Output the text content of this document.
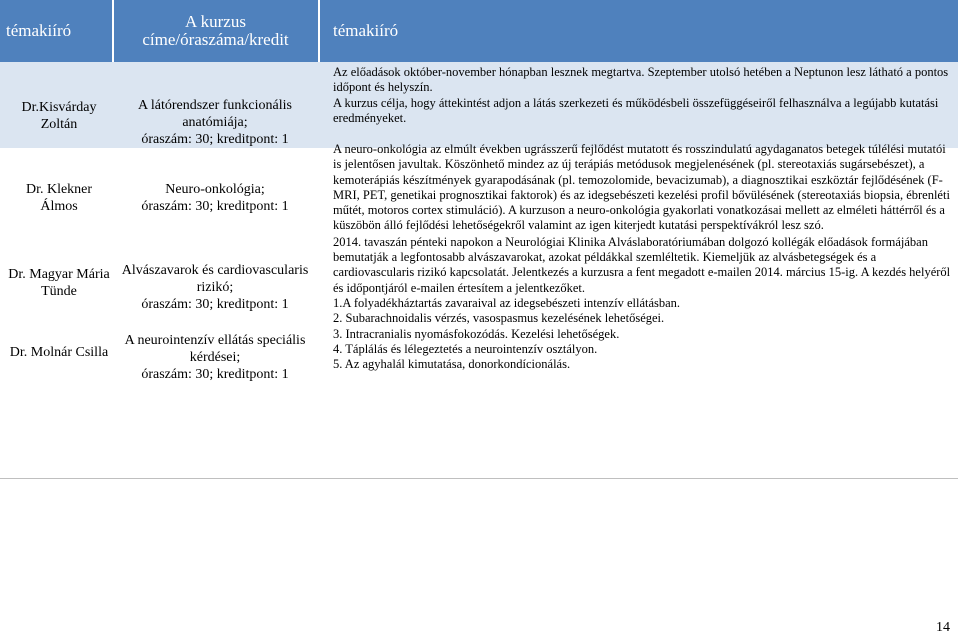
témakiíró	A kurzus
címe/óraszáma/kredit	témakiíró
Dr.Kisvárday Zoltán
A látórendszer funkcionális
anatómiája;
óraszám: 30; kreditpont: 1

Az előadások október-november hónapban lesznek megtartva. Szeptember utolsó hetében a Neptunon lesz látható a pontos időpont és helyszín.

A kurzus célja, hogy áttekintést adjon a látás szerkezeti és működésbeli összefüggéseiről felhasználva a legújabb kutatási eredményeket.

Dr. Klekner Álmos
Neuro-onkológia;
óraszám: 30; kreditpont: 1
Dr. Magyar Mária Tünde
Alvászavarok és cardiovascularis
rizikó;
óraszám: 30; kreditpont: 1
Dr. Molnár Csilla
A neurointenzív ellátás speciális
kérdései;
óraszám: 30; kreditpont: 1

A neuro-onkológia az elmúlt években ugrásszerű fejlődést mutatott és rosszindulatú agydaganatos betegek túlélési mutatói is jelentősen javultak. Köszönhető mindez az új terápiás metódusok megjelenésének (pl. stereotaxiás sugársebészet), a kemoterápiás készítmények gyarapodásának (pl. temozolomide, bevacizumab), a diagnosztikai eszköztár fejlődésének (F-MRI, PET, genetikai prognosztikai faktorok) és az idegsebészeti kezelési profil bővülésének (stereotaxiás biopsia, ébrenléti műtét, motoros cortex stimuláció). A kurzuson a neuro-onkológia gyakorlati vonatkozásai mellett az elméleti háttérről és a küszöbön álló fejlődési lehetőségekről valamint az igen kiterjedt kutatási perspektívákról lesz szó.

2014. tavaszán pénteki napokon a Neurológiai Klinika Alváslaboratóriumában dolgozó kollégák előadások formájában bemutatják a legfontosabb alvászavarokat, azokat példákkal szemléltetik. Kiemeljük az alvásbetegségek és a cardiovascularis rizikó kapcsolatát. Jelentkezés a kurzusra a fent megadott e-mailen 2014. március 15-ig. A kezdés helyéről és időpontjáról e-mailen értesítem a jelentkezőket.

1.A folyadékháztartás zavaraival az idegsebészeti intenzív ellátásban.

2. Subarachnoidalis vérzés, vasospasmus kezelésének lehetőségei.

3. Intracranialis nyomásfokozódás. Kezelési lehetőségek.

4. Táplálás és lélegeztetés a neurointenzív osztályon.

5. Az agyhalál kimutatása, donorkondícionálás.

14
